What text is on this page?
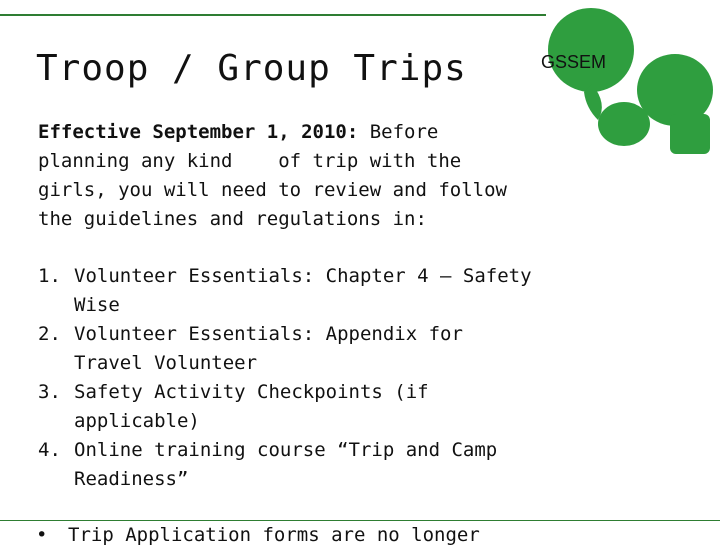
Troop / Group Trips	GSSEM

Effective September 1, 2010: Before
planning any kind    of trip with the
girls, you will need to review and follow
the guidelines and regulations in:

1. Volunteer Essentials: Chapter 4 – Safety
Wise
2. Volunteer Essentials: Appendix for
Travel Volunteer
3. Safety Activity Checkpoints (if
applicable)
4. Online training course “Trip and Camp
Readiness”
• Trip Application forms are no longer
